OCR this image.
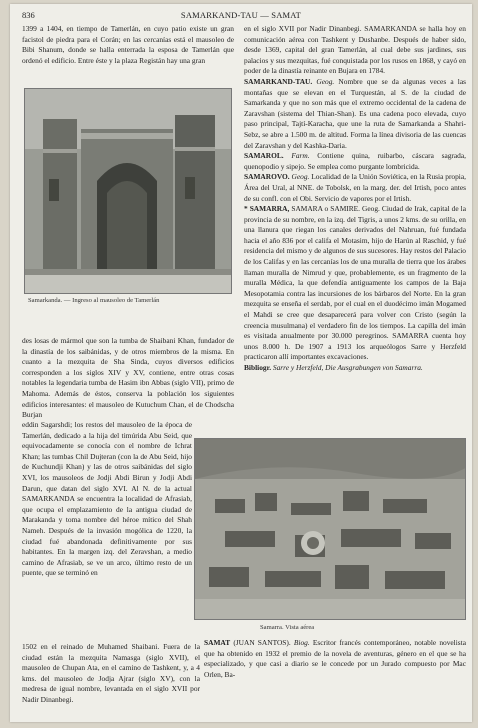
836	SAMARKAND-TAU — SAMAT

1399 a 1404, en tiempo de Tamerlán, en cuyo patio existe un gran facistol de piedra para el Corán; en las cercanías está el mausoleo de Bibi Shanum, donde se halla enterrada la esposa de Tamerlán que ordenó el edificio. Entre éste y la plaza Registán hay una gran

Samarkanda. — Ingreso al mausoleo de Tamerlán

des losas de mármol que son la tumba de Shaibani Khan, fundador de la dinastía de los saibánidas, y de otros miembros de la misma. En cuanto a la mezquita de Sha Sinda, cuyos diversos edificios corresponden a los siglos XIV y XV, contiene, entre otras cosas notables la legendaria tumba de Hasim ibn Abbas (siglo VII), primo de Mahoma. Además de éstos, conserva la población los siguientes edificios interesantes: el mausoleo de Kutuchum Chan, el de Chodscha Burjan

eddin Sagarshdi; los restos del mausoleo de la época de Tamerlán, dedicado a la hija del timúrida Abu Seid, que equivocadamente se conocía con el nombre de Ichrat Khan; las tumbas Chil Dujteran (con la de Abu Seid, hijo de Kuchundji Khan) y las de otros saibánidas del siglo XVI, los mausoleos de Jodji Abdi Birun y Jodji Abdi Darun, que datan del siglo XVI. Al N. de la actual SAMARKANDA se encuentra la localidad de Afrasiab, que ocupa el emplazamiento de la antigua ciudad de Marakanda y toma nombre del héroe mítico del Shah Nameh. Después de la invasión mogólica de 1220, la ciudad fué abandonada definitivamente por sus habitantes. En la margen izq. del Zeravshan, a medio camino de Afrasiab, se ve un arco, último resto de un puente, que se terminó en

1502 en el reinado de Muhamed Shaibani. Fuera de la ciudad están la mezquita Namasga (siglo XVII), el mausoleo de Chupan Ata, en el camino de Tashkent, y, a 4 kms. del mausoleo de Jodja Ajrar (siglo XV), con la medresa de igual nombre, levantada en el siglo XVII por Nadir Dinanbegi.

en el siglo XVII por Nadir Dinanbegi. SAMARKANDA se halla hoy en comunicación aérea con Tashkent y Dushanbe. Después de haber sido, desde 1369, capital del gran Tamerlán, al cual debe sus jardines, sus palacios y sus mezquitas, fué conquistada por los rusos en 1868, y cayó en poder de la dinastía reinante en Bujara en 1784.

SAMARKAND-TAU. Geog. Nombre que se da algunas veces a las montañas que se elevan en el Turquestán, al S. de la ciudad de Samarkanda y que no son más que el extremo occidental de la cadena de Zaravshan (sistema del Thian-Shan). Es una cadena poco elevada, cuyo paso principal, Tajtí-Karacha, que une la ruta de Samarkanda a Shahri-Sebz, se abre a 1.500 m. de altitud. Forma la línea divisoria de las cuencas del Zaravshan y del Kashka-Daria.

SAMAROL. Farm. Contiene quina, ruibarbo, cáscara sagrada, quenopodio y sipejo. Se emplea como purgante lombricida.

SAMAROVO. Geog. Localidad de la Unión Soviética, en la Rusia propia, Área del Ural, al NNE. de Tobolsk, en la marg. der. del Irtish, poco antes de su confl. con el Obi. Servicio de vapores por el Irtish.

* SAMARRA, SAMARA o SAMIRE. Geog. Ciudad de Irak, capital de la provincia de su nombre, en la izq. del Tigris, a unos 2 kms. de su orilla, en una llanura que riegan los canales derivados del Nahruan, fué fundada hacia el año 836 por el califa el Motasim, hijo de Harún al Raschid, y fué residencia del mismo y de algunos de sus sucesores. Hay restos del Palacio de los Califas y en las cercanías los de una muralla de tierra que los árabes llaman muralla de Nimrud y que, probablemente, es un fragmento de la muralla Médica, la que defendía antiguamente los campos de la Baja Mesopotamia contra las incursiones de los bárbaros del Norte. En la gran mezquita se enseña el serdab, por el cual en el duodécimo imán Mogamed el Mahdi se cree que desaparecerá para volver con Cristo (según la creencia musulmana) el verdadero fin de los tiempos. La capilla del imán es visitada anualmente por 30.000 peregrinos. SAMARRA cuenta hoy unos 8.000 h. De 1907 a 1913 los arqueólogos Sarre y Herzfeld practicaron allí importantes excavaciones.

Bibliogr. Sarre y Herzfeld, Die Ausgrabungen von Samarra.

Samarra. Vista aérea
SAMAT (JUAN SANTOS). Biog. Escritor francés contemporáneo, notable novelista que ha obtenido en 1932 el premio de la novela de aventuras, género en el que se ha especializado, y que casi a diario se le concede por un Jurado compuesto por Mac Orlen, Ba-
